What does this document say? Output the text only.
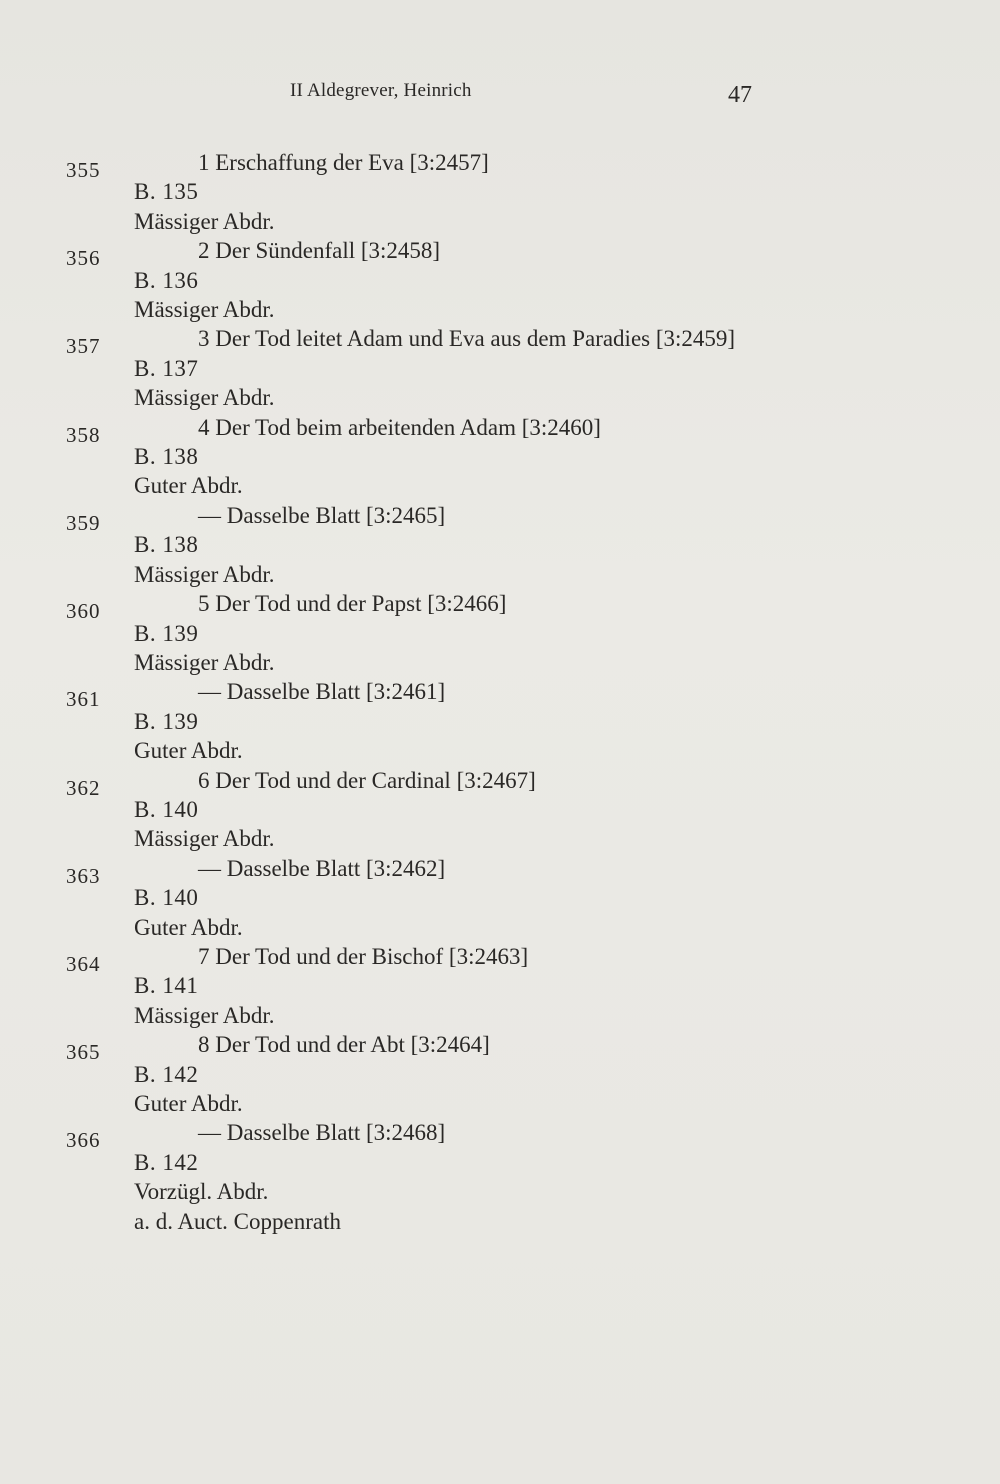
II Aldegrever, Heinrich	47
355	1 Erschaffung der Eva [3:2457]
B. 135
Mässiger Abdr.
356	2 Der Sündenfall [3:2458]
B. 136
Mässiger Abdr.
357	3 Der Tod leitet Adam und Eva aus dem Paradies [3:2459]
B. 137
Mässiger Abdr.
358	4 Der Tod beim arbeitenden Adam [3:2460]
B. 138
Guter Abdr.
359	— Dasselbe Blatt [3:2465]
B. 138
Mässiger Abdr.
360	5 Der Tod und der Papst [3:2466]
B. 139
Mässiger Abdr.
361	— Dasselbe Blatt [3:2461]
B. 139
Guter Abdr.
362	6 Der Tod und der Cardinal [3:2467]
B. 140
Mässiger Abdr.
363	— Dasselbe Blatt [3:2462]
B. 140
Guter Abdr.
364	7 Der Tod und der Bischof [3:2463]
B. 141
Mässiger Abdr.
365	8 Der Tod und der Abt [3:2464]
B. 142
Guter Abdr.
366	— Dasselbe Blatt [3:2468]
B. 142
Vorzügl. Abdr.
a. d. Auct. Coppenrath
